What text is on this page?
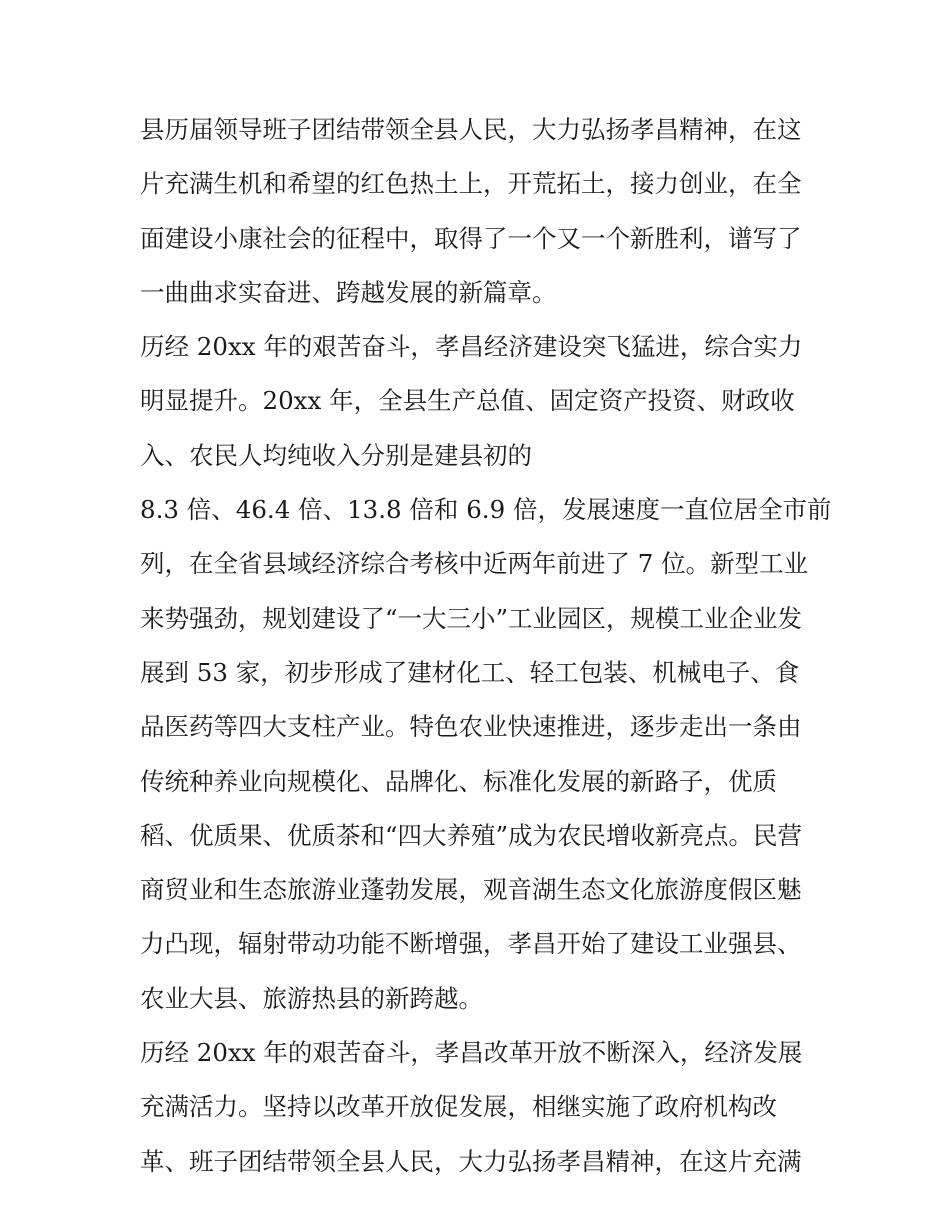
县历届领导班子团结带领全县人民，大力弘扬孝昌精神，在这
片充满生机和希望的红色热土上，开荒拓土，接力创业，在全
面建设小康社会的征程中，取得了一个又一个新胜利，谱写了
一曲曲求实奋进、跨越发展的新篇章。
历经 20xx 年的艰苦奋斗，孝昌经济建设突飞猛进，综合实力
明显提升。20xx 年，全县生产总值、固定资产投资、财政收
入、农民人均纯收入分别是建县初的
8.3 倍、46.4 倍、13.8 倍和 6.9 倍，发展速度一直位居全市前
列，在全省县域经济综合考核中近两年前进了 7 位。新型工业
来势强劲，规划建设了“一大三小”工业园区，规模工业企业发
展到 53 家，初步形成了建材化工、轻工包装、机械电子、食
品医药等四大支柱产业。特色农业快速推进，逐步走出一条由
传统种养业向规模化、品牌化、标准化发展的新路子，优质
稻、优质果、优质茶和“四大养殖”成为农民增收新亮点。民营
商贸业和生态旅游业蓬勃发展，观音湖生态文化旅游度假区魅
力凸现，辐射带动功能不断增强，孝昌开始了建设工业强县、
农业大县、旅游热县的新跨越。
历经 20xx 年的艰苦奋斗，孝昌改革开放不断深入，经济发展
充满活力。坚持以改革开放促发展，相继实施了政府机构改
革、班子团结带领全县人民，大力弘扬孝昌精神，在这片充满
